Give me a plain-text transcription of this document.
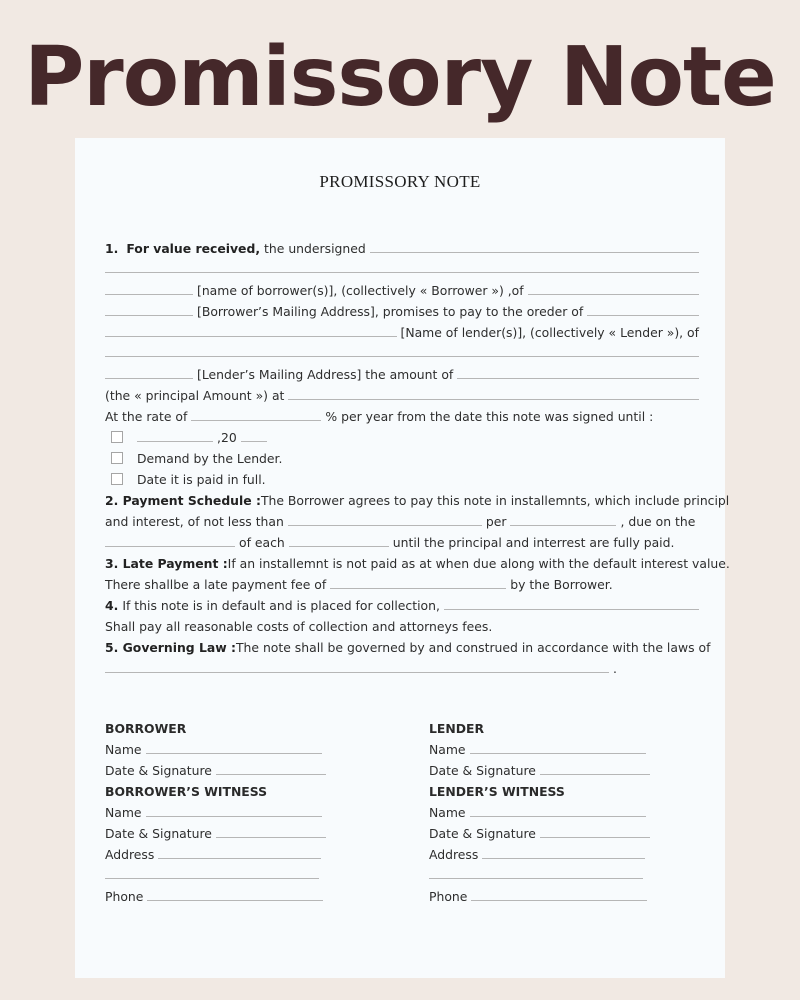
Promissory Note
PROMISSORY NOTE
1. For value received, the undersigned
[name of borrower(s)], (collectively « Borrower ») ,of
[Borrower’s Mailing Address], promises to pay to the oreder of
[Name of lender(s)], (collectively « Lender »), of
[Lender’s Mailing Address] the amount of
(the « principal Amount ») at
At the rate of	% per year from the date this note was signed until :
,20
Demand by the Lender.
Date it is paid in full.
2. Payment Schedule : The Borrower agrees to pay this note in installemnts, which include principl
and interest, of not less than	per	, due on the
of each	until the principal and interrest are fully paid.
3. Late Payment : If an installemnt is not paid as at when due along with the default interest value.
There shallbe a late payment fee of	by the Borrower.
4. If this note is in default and is placed for collection,
Shall pay all reasonable costs of collection and attorneys fees.
5. Governing Law : The note shall be governed by and construed in accordance with the laws of
.
BORROWER
Name
Date & Signature
BORROWER’S WITNESS
Name
Date & Signature
Address
Phone
LENDER
Name
Date & Signature
LENDER’S WITNESS
Name
Date & Signature
Address
Phone
